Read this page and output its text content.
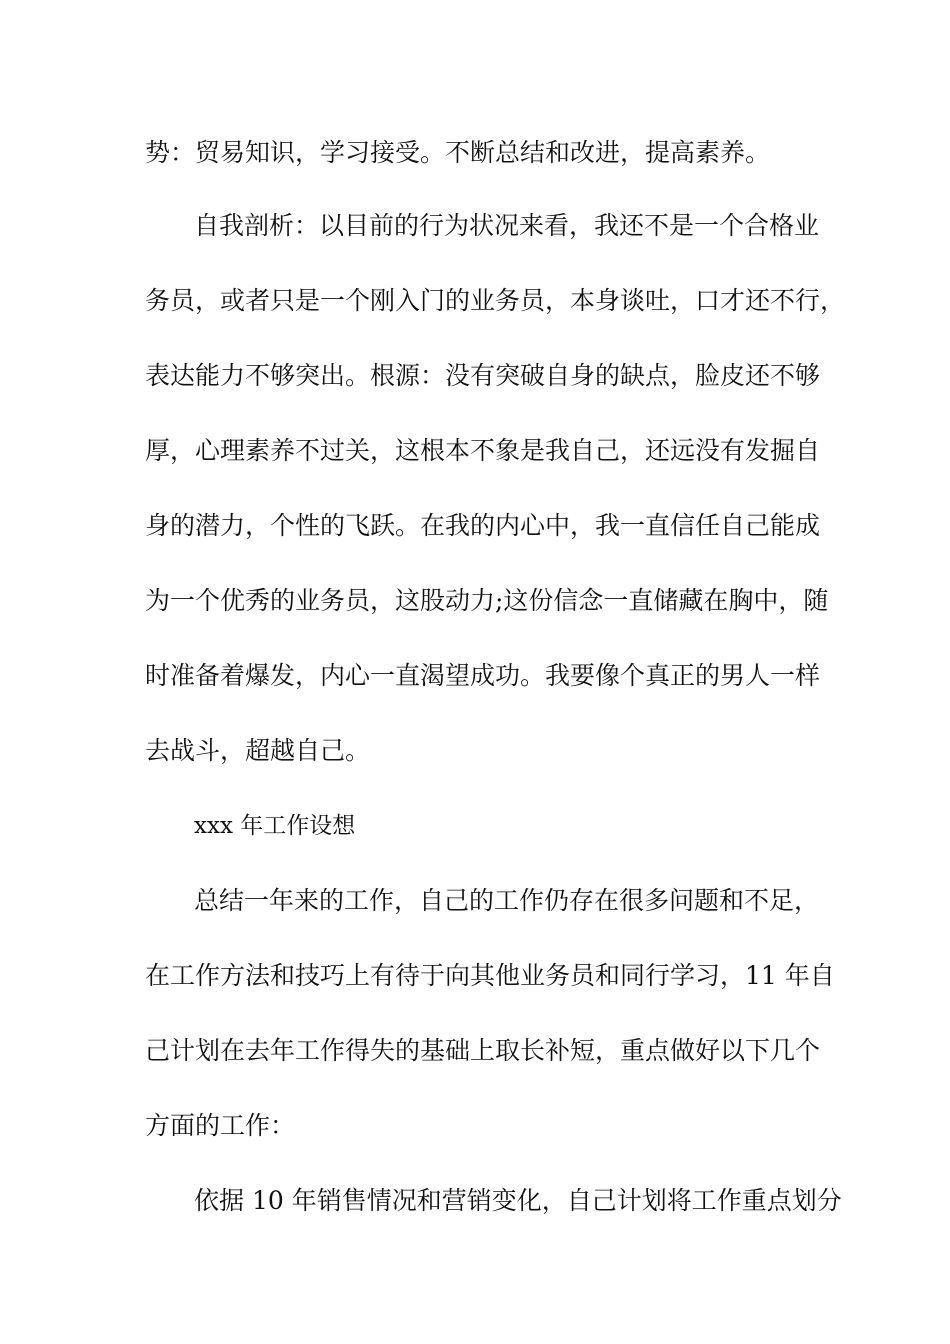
势：贸易知识，学习接受。不断总结和改进，提高素养。

自我剖析：以目前的行为状况来看，我还不是一个合格业

务员，或者只是一个刚入门的业务员，本身谈吐，口才还不行，

表达能力不够突出。根源：没有突破自身的缺点，脸皮还不够

厚，心理素养不过关，这根本不象是我自己，还远没有发掘自

身的潜力，个性的飞跃。在我的内心中，我一直信任自己能成

为一个优秀的业务员，这股动力;这份信念一直储藏在胸中，随

时准备着爆发，内心一直渴望成功。我要像个真正的男人一样

去战斗，超越自己。

xxx 年工作设想

总结一年来的工作，自己的工作仍存在很多问题和不足，

在工作方法和技巧上有待于向其他业务员和同行学习，11 年自

己计划在去年工作得失的基础上取长补短，重点做好以下几个

方面的工作：

依据 10 年销售情况和营销变化，自己计划将工作重点划分
